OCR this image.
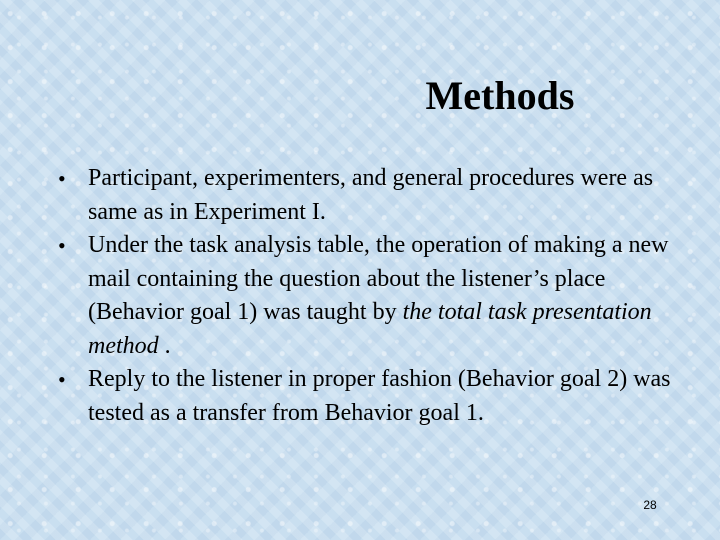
Methods
• Participant, experimenters, and general procedures were as same as in Experiment I.
• Under the task analysis table, the operation of making a new mail containing the question about the listener’s place (Behavior goal 1) was taught by the total task presentation method .
• Reply to the listener in proper fashion (Behavior goal 2) was tested as a transfer from Behavior goal 1.
28
